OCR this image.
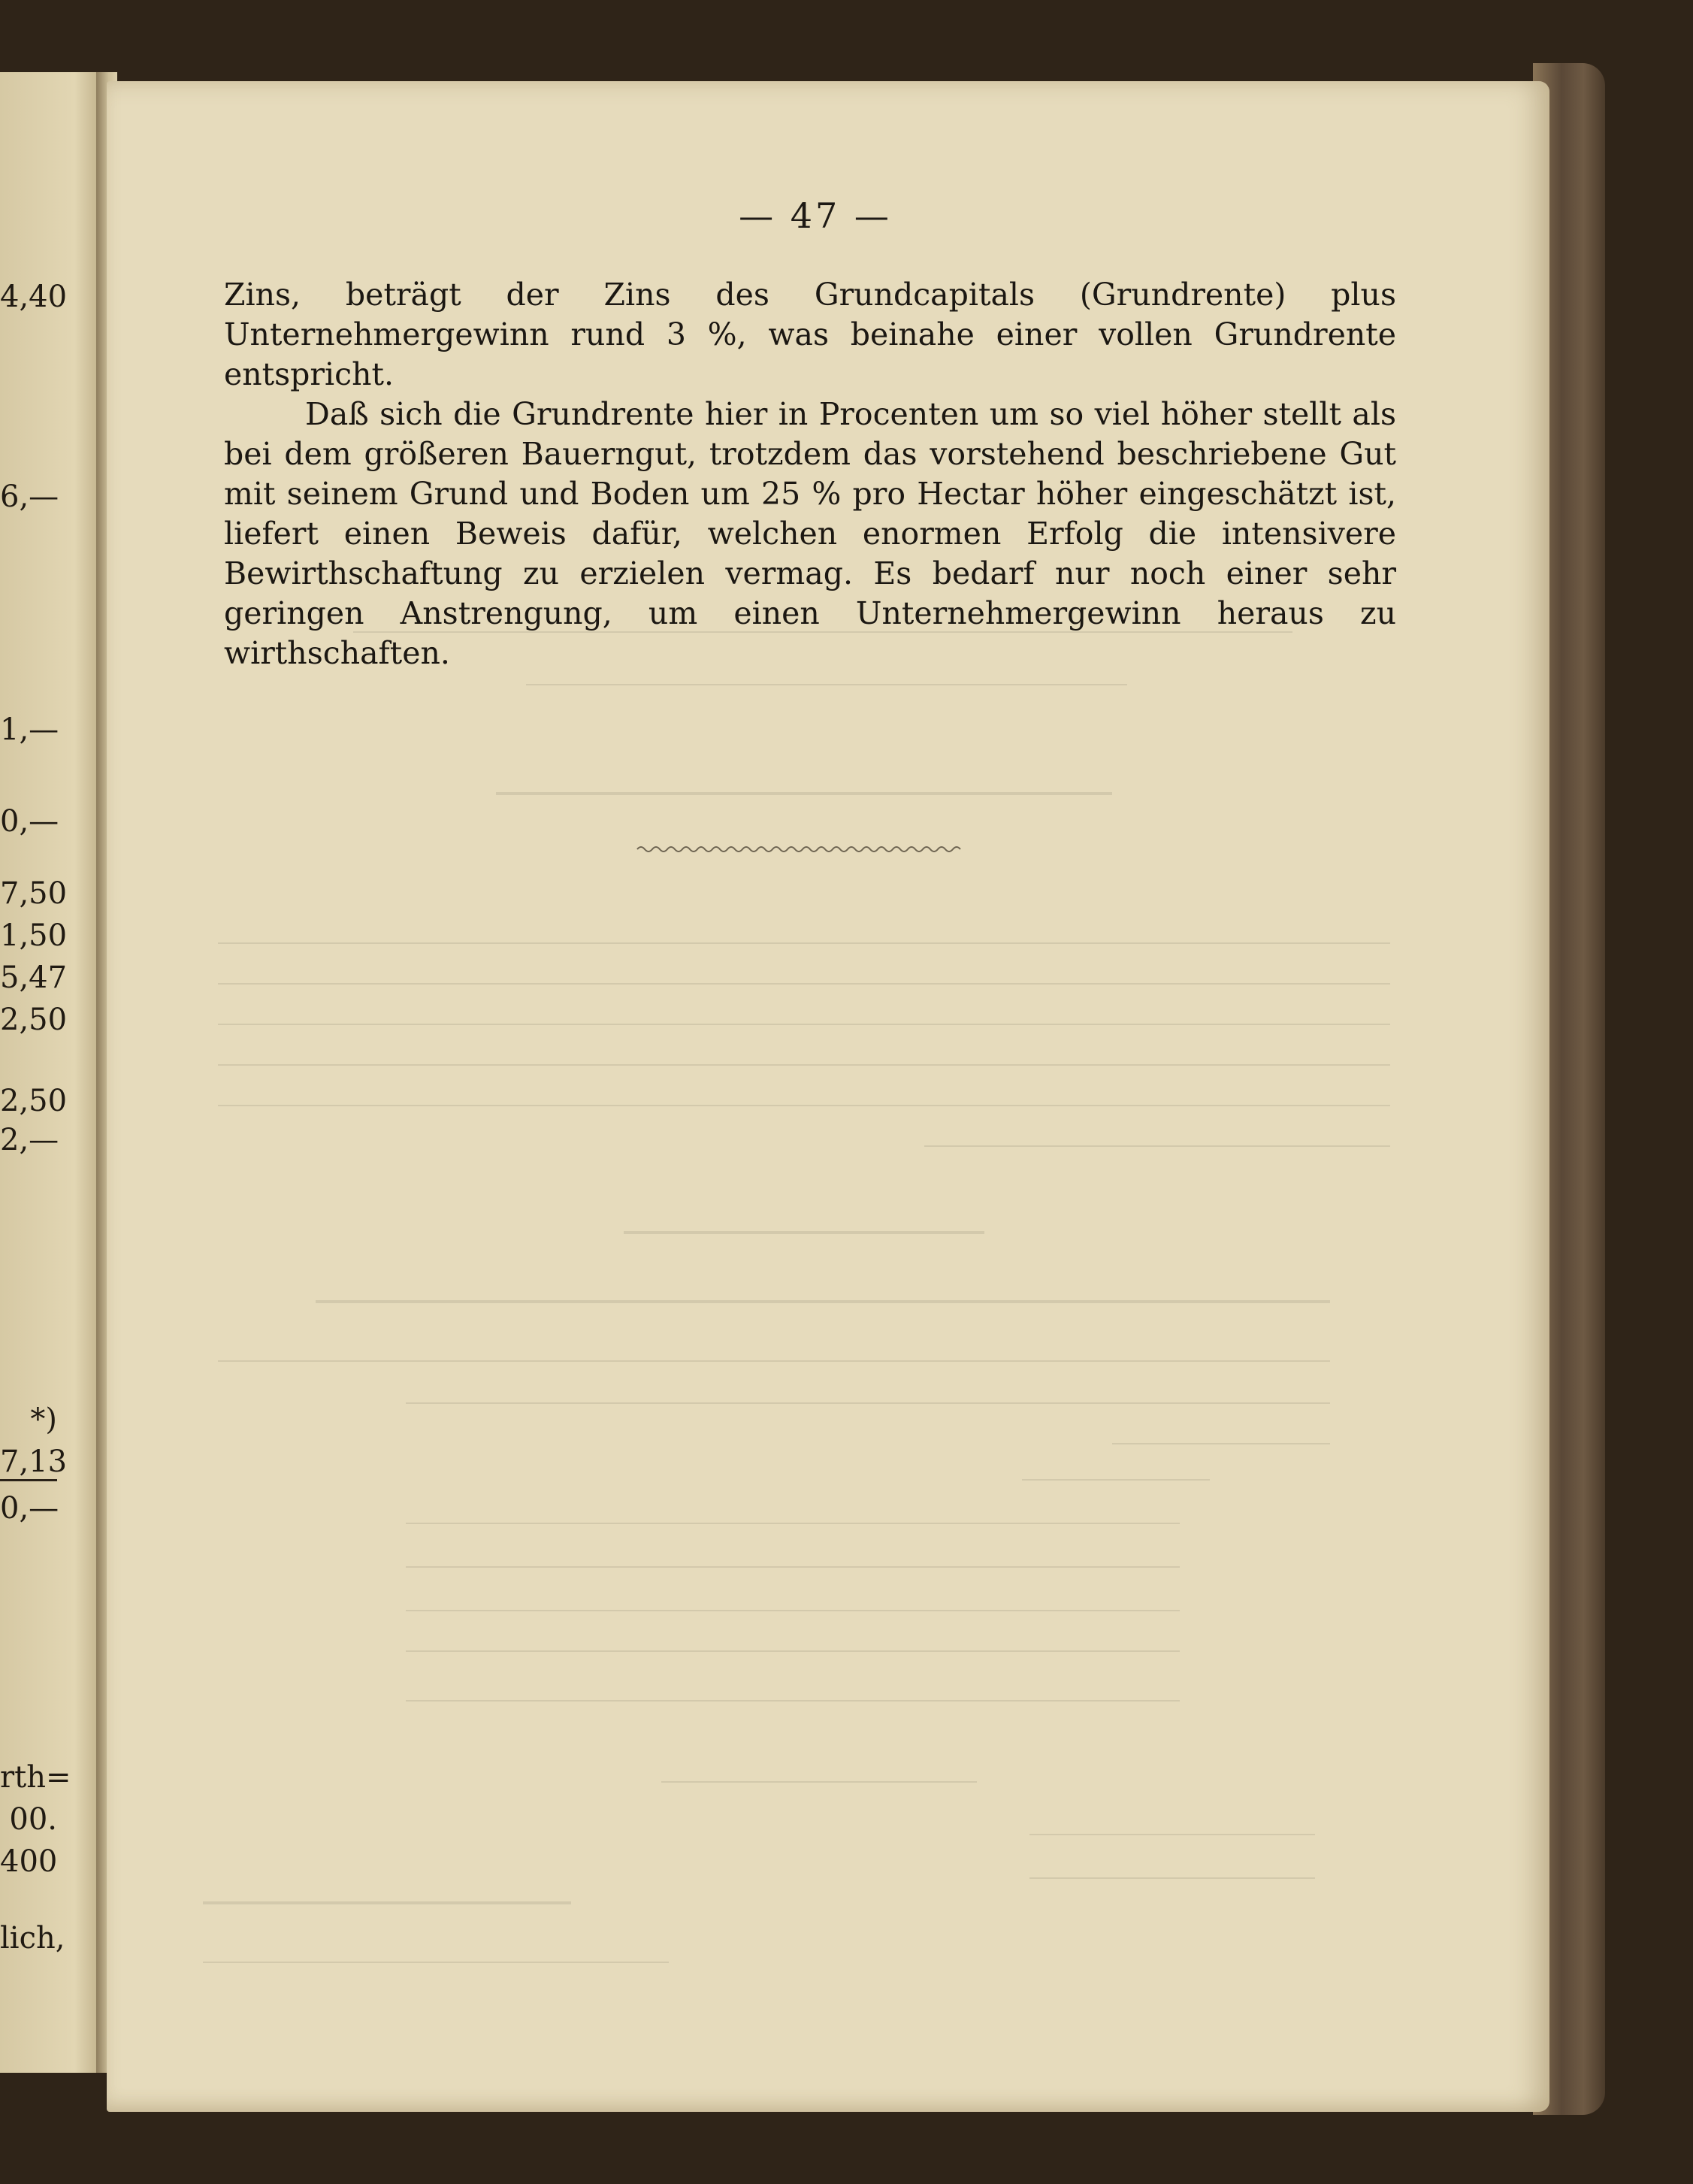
4,40
6,—
1,—
0,—
7,50
1,50
5,47
2,50
2,50
2,—
*)
7,13
0,—
rth=
00.
400
lich,
— 47 —

Zins, beträgt der Zins des Grundcapitals (Grundrente) plus Unternehmergewinn rund 3 %, was beinahe einer vollen Grundrente entspricht.

Daß sich die Grundrente hier in Procenten um so viel höher stellt als bei dem größeren Bauerngut, trotzdem das vorstehend beschriebene Gut mit seinem Grund und Boden um 25 % pro Hectar höher eingeschätzt ist, liefert einen Beweis dafür, welchen enormen Erfolg die intensivere Bewirthschaftung zu erzielen vermag. Es bedarf nur noch einer sehr geringen Anstrengung, um einen Unternehmergewinn heraus zu wirthschaften.
